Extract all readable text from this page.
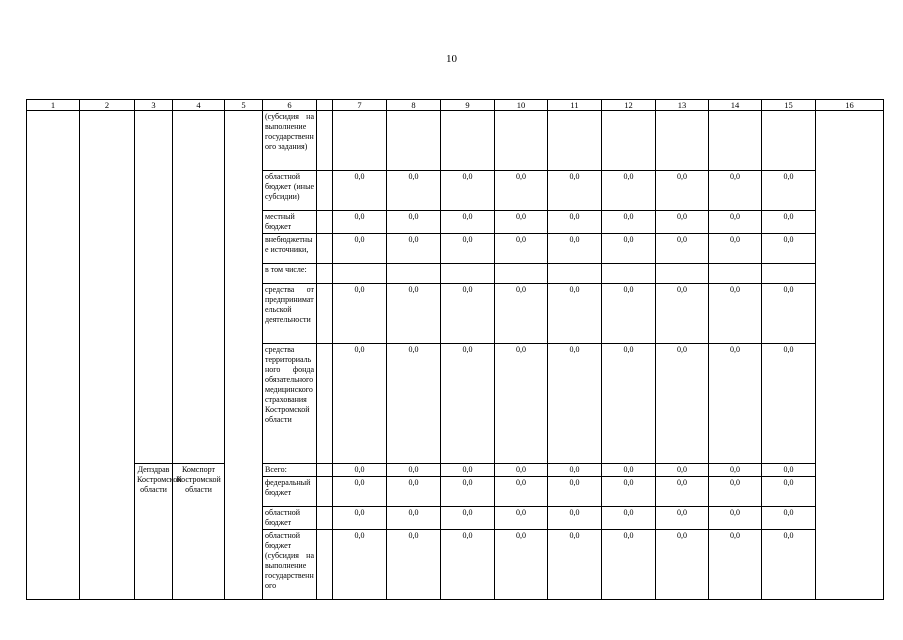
10
1	2	3	4	5	6		7	8	9	10	11	12	13	14	15	16
					(субсидия на выполнение государственного задания)											
					областной бюджет (иные субсидии)		0,0	0,0	0,0	0,0	0,0	0,0	0,0	0,0	0,0	
					местный бюджет		0,0	0,0	0,0	0,0	0,0	0,0	0,0	0,0	0,0	
					внебюджетные источники,		0,0	0,0	0,0	0,0	0,0	0,0	0,0	0,0	0,0	
					в том числе:											
					средства от предпринимательской деятельности		0,0	0,0	0,0	0,0	0,0	0,0	0,0	0,0	0,0	
					средства территориального фонда обязательного медицинского страхования Костромской области		0,0	0,0	0,0	0,0	0,0	0,0	0,0	0,0	0,0	
		Депздрав Костромской области	Комспорт Костромской области		Всего:		0,0	0,0	0,0	0,0	0,0	0,0	0,0	0,0	0,0	
					федеральный бюджет		0,0	0,0	0,0	0,0	0,0	0,0	0,0	0,0	0,0	
					областной бюджет		0,0	0,0	0,0	0,0	0,0	0,0	0,0	0,0	0,0	
					областной бюджет (субсидия на выполнение государственного		0,0	0,0	0,0	0,0	0,0	0,0	0,0	0,0	0,0	
